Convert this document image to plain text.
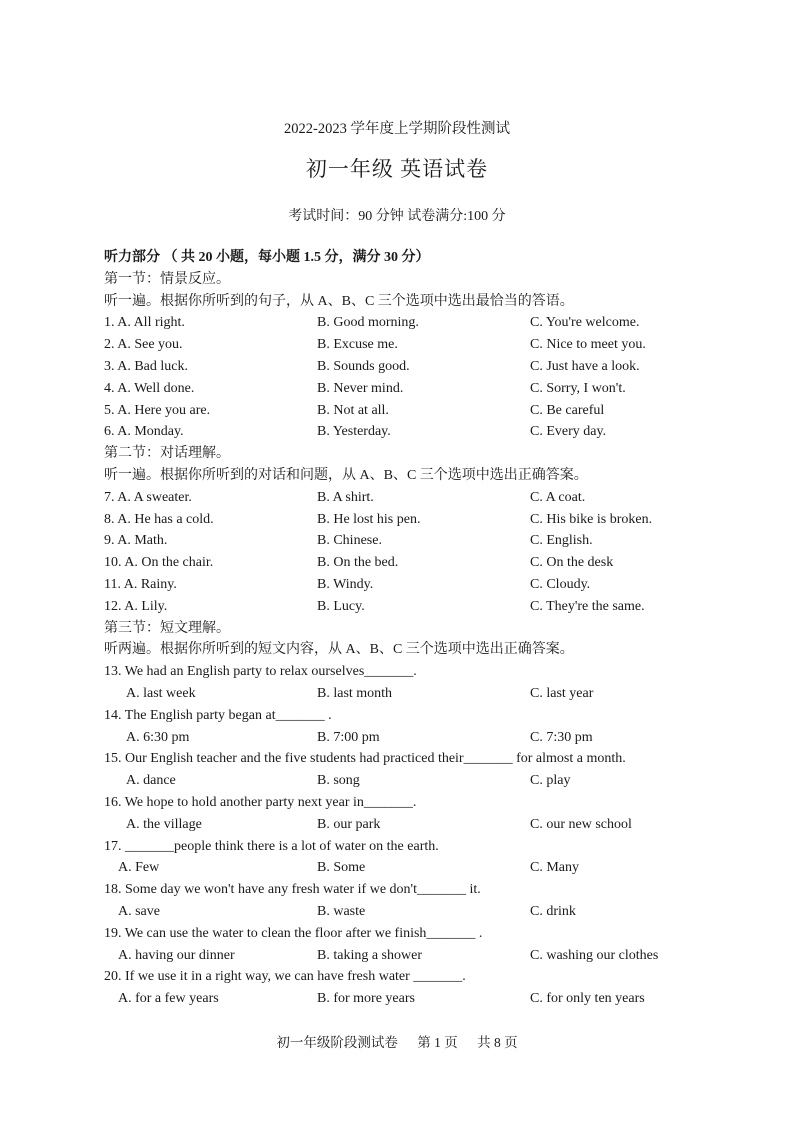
2022-2023 学年度上学期阶段性测试
初一年级 英语试卷
考试时间：90 分钟 试卷满分:100 分
听力部分 （ 共 20 小题，每小题 1.5 分，满分 30 分）
第一节：情景反应。
听一遍。根据你所听到的句子，从 A、B、C 三个选项中选出最恰当的答语。
1. A. All right.	B. Good morning.	C. You're welcome.
2. A. See you.	B. Excuse me.	C. Nice to meet you.
3. A. Bad luck.	B. Sounds good.	C. Just have a look.
4. A. Well done.	B. Never mind.	C. Sorry, I won't.
5. A. Here you are.	B. Not at all.	C. Be careful
6. A. Monday.	B. Yesterday.	C. Every day.
第二节：对话理解。
听一遍。根据你所听到的对话和问题，从 A、B、C 三个选项中选出正确答案。
7. A. A sweater.	B. A shirt.	C. A coat.
8. A. He has a cold.	B. He lost his pen.	C. His bike is broken.
9. A. Math.	B. Chinese.	C. English.
10. A. On the chair.	B. On the bed.	C. On the desk
11. A. Rainy.	B. Windy.	C. Cloudy.
12. A. Lily.	B. Lucy.	C. They're the same.
第三节：短文理解。
听两遍。根据你所听到的短文内容，从 A、B、C 三个选项中选出正确答案。
13. We had an English party to relax ourselves_______.
A. last week	B. last month	C. last year
14. The English party began at_______ .
A. 6:30 pm	B. 7:00 pm	C. 7:30 pm
15. Our English teacher and the five students had practiced their_______ for almost a month.
A. dance	B. song	C. play
16. We hope to hold another party next year in_______.
A. the village	B. our park	C. our new school
17. _______people think there is a lot of water on the earth.
A. Few	B. Some	C. Many
18. Some day we won't have any fresh water if we don't_______ it.
A. save	B. waste	C. drink
19. We can use the water to clean the floor after we finish_______ .
A. having our dinner	B. taking a shower	C. washing our clothes
20. If we use it in a right way, we can have fresh water _______.
A. for a few years	B. for more years	C. for only ten years
初一年级阶段测试卷 第 1 页 共 8 页
